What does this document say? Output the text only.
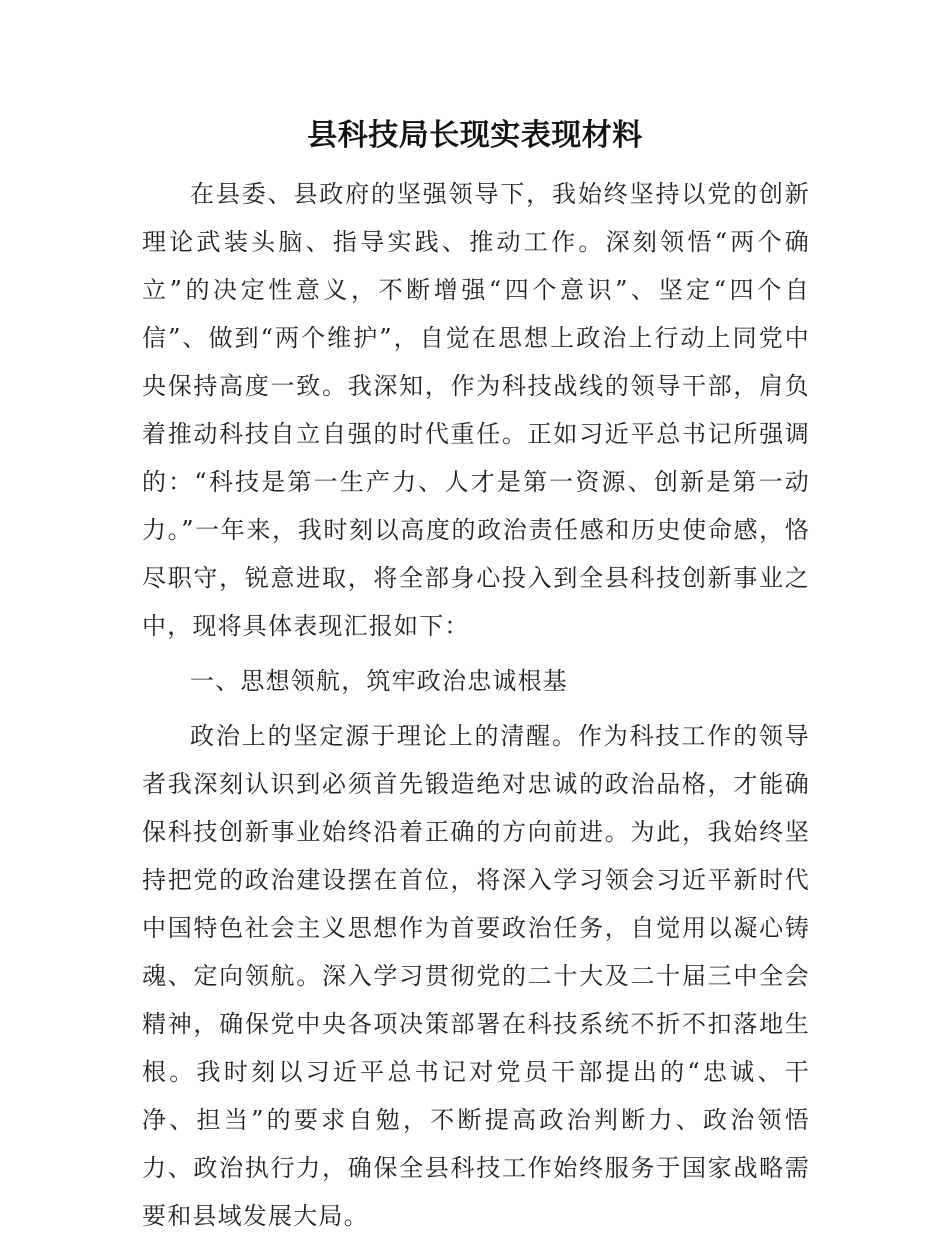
县科技局长现实表现材料

在县委、县政府的坚强领导下，我始终坚持以党的创新理论武装头脑、指导实践、推动工作。深刻领悟“两个确立”的决定性意义，不断增强“四个意识”、坚定“四个自信”、做到“两个维护”，自觉在思想上政治上行动上同党中央保持高度一致。我深知，作为科技战线的领导干部，肩负着推动科技自立自强的时代重任。正如习近平总书记所强调的：“科技是第一生产力、人才是第一资源、创新是第一动力。”一年来，我时刻以高度的政治责任感和历史使命感，恪尽职守，锐意进取，将全部身心投入到全县科技创新事业之中，现将具体表现汇报如下：

一、思想领航，筑牢政治忠诚根基

政治上的坚定源于理论上的清醒。作为科技工作的领导者我深刻认识到必须首先锻造绝对忠诚的政治品格，才能确保科技创新事业始终沿着正确的方向前进。为此，我始终坚持把党的政治建设摆在首位，将深入学习领会习近平新时代中国特色社会主义思想作为首要政治任务，自觉用以凝心铸魂、定向领航。深入学习贯彻党的二十大及二十届三中全会精神，确保党中央各项决策部署在科技系统不折不扣落地生根。我时刻以习近平总书记对党员干部提出的“忠诚、干净、担当”的要求自勉，不断提高政治判断力、政治领悟力、政治执行力，确保全县科技工作始终服务于国家战略需要和县域发展大局。
